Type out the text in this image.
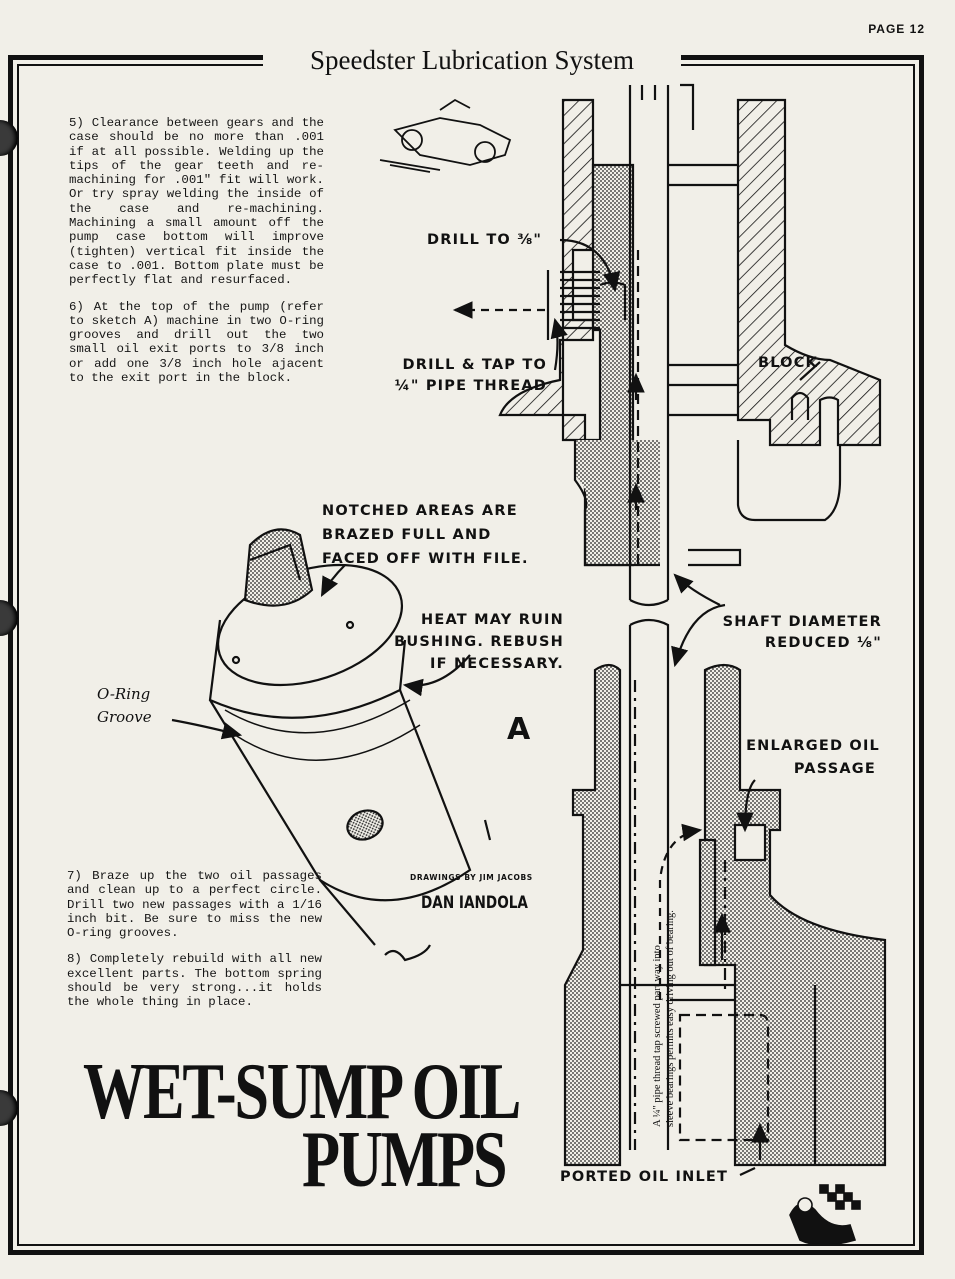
PAGE 12
Speedster Lubrication System

5) Clearance between gears and the case should be no more than .001 if at all possible. Welding up the tips of the gear teeth and re-machining for .001" fit will work. Or try spray welding the inside of the case and re-machining. Machining a small amount off the pump case bottom will improve (tighten) vertical fit inside the case to .001. Bottom plate must be perfectly flat and resurfaced.

6) At the top of the pump (refer to sketch A) machine in two O-ring grooves and drill out the two small oil exit ports to 3/8 inch or add one 3/8 inch hole ajacent to the exit port in the block.

7) Braze up the two oil passages and clean up to a perfect circle. Drill two new passages with a 1/16 inch bit. Be sure to miss the new O-ring grooves.

8) Completely rebuild with all new excellent parts. The bottom spring should be very strong...it holds the whole thing in place.

DRILL TO ⅜"
DRILL & TAP TO
¼" PIPE THREAD
BLOCK
NOTCHED AREAS ARE
BRAZED FULL AND
FACED OFF WITH FILE.
HEAT MAY RUIN
BUSHING. REBUSH
IF NECESSARY.
SHAFT DIAMETER
REDUCED ⅛"
ENLARGED OIL
PASSAGE
PORTED OIL INLET
O-Ring
Groove	A
A ¼" pipe thread tap screwed part way into sleeve bearings permits easy driving out of bearing.
DRAWINGS BY JIM JACOBS
DAN IANDOLA
WET-SUMP OIL
PUMPS
